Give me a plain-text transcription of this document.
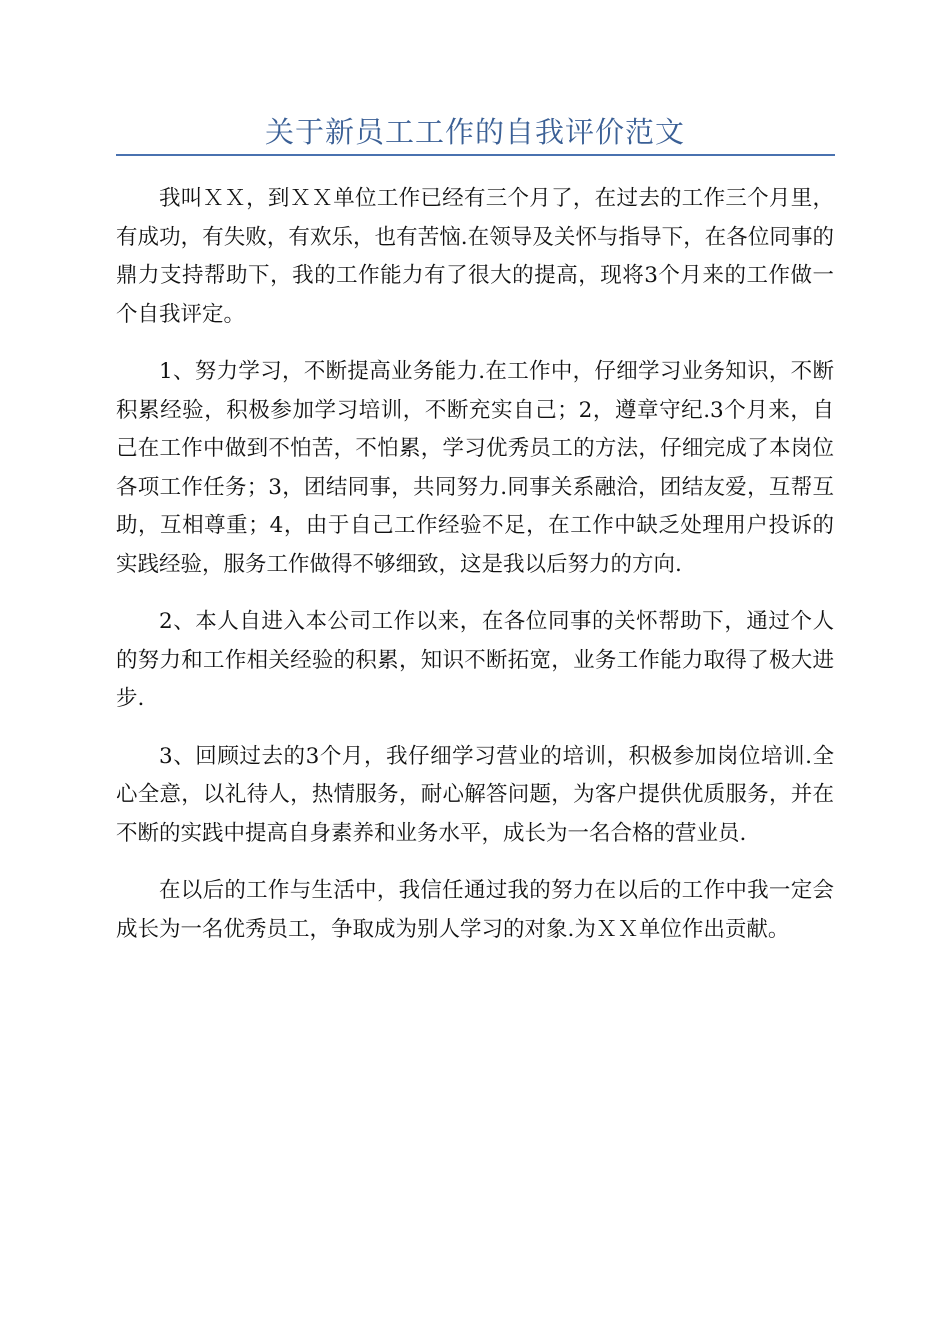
关于新员工工作的自我评价范文

我叫ＸＸ，到ＸＸ单位工作已经有三个月了，在过去的工作三个月里，有成功，有失败，有欢乐，也有苦恼.在领导及关怀与指导下，在各位同事的鼎力支持帮助下，我的工作能力有了很大的提高，现将3个月来的工作做一个自我评定。

1、努力学习，不断提高业务能力.在工作中，仔细学习业务知识，不断积累经验，积极参加学习培训，不断充实自己；2，遵章守纪.3个月来，自己在工作中做到不怕苦，不怕累，学习优秀员工的方法，仔细完成了本岗位各项工作任务；3，团结同事，共同努力.同事关系融洽，团结友爱，互帮互助，互相尊重；4，由于自己工作经验不足，在工作中缺乏处理用户投诉的实践经验，服务工作做得不够细致，这是我以后努力的方向.

2、本人自进入本公司工作以来，在各位同事的关怀帮助下，通过个人的努力和工作相关经验的积累，知识不断拓宽，业务工作能力取得了极大进步.

3、回顾过去的3个月，我仔细学习营业的培训，积极参加岗位培训.全心全意，以礼待人，热情服务，耐心解答问题，为客户提供优质服务，并在不断的实践中提高自身素养和业务水平，成长为一名合格的营业员.

在以后的工作与生活中，我信任通过我的努力在以后的工作中我一定会成长为一名优秀员工，争取成为别人学习的对象.为ＸＸ单位作出贡献。
